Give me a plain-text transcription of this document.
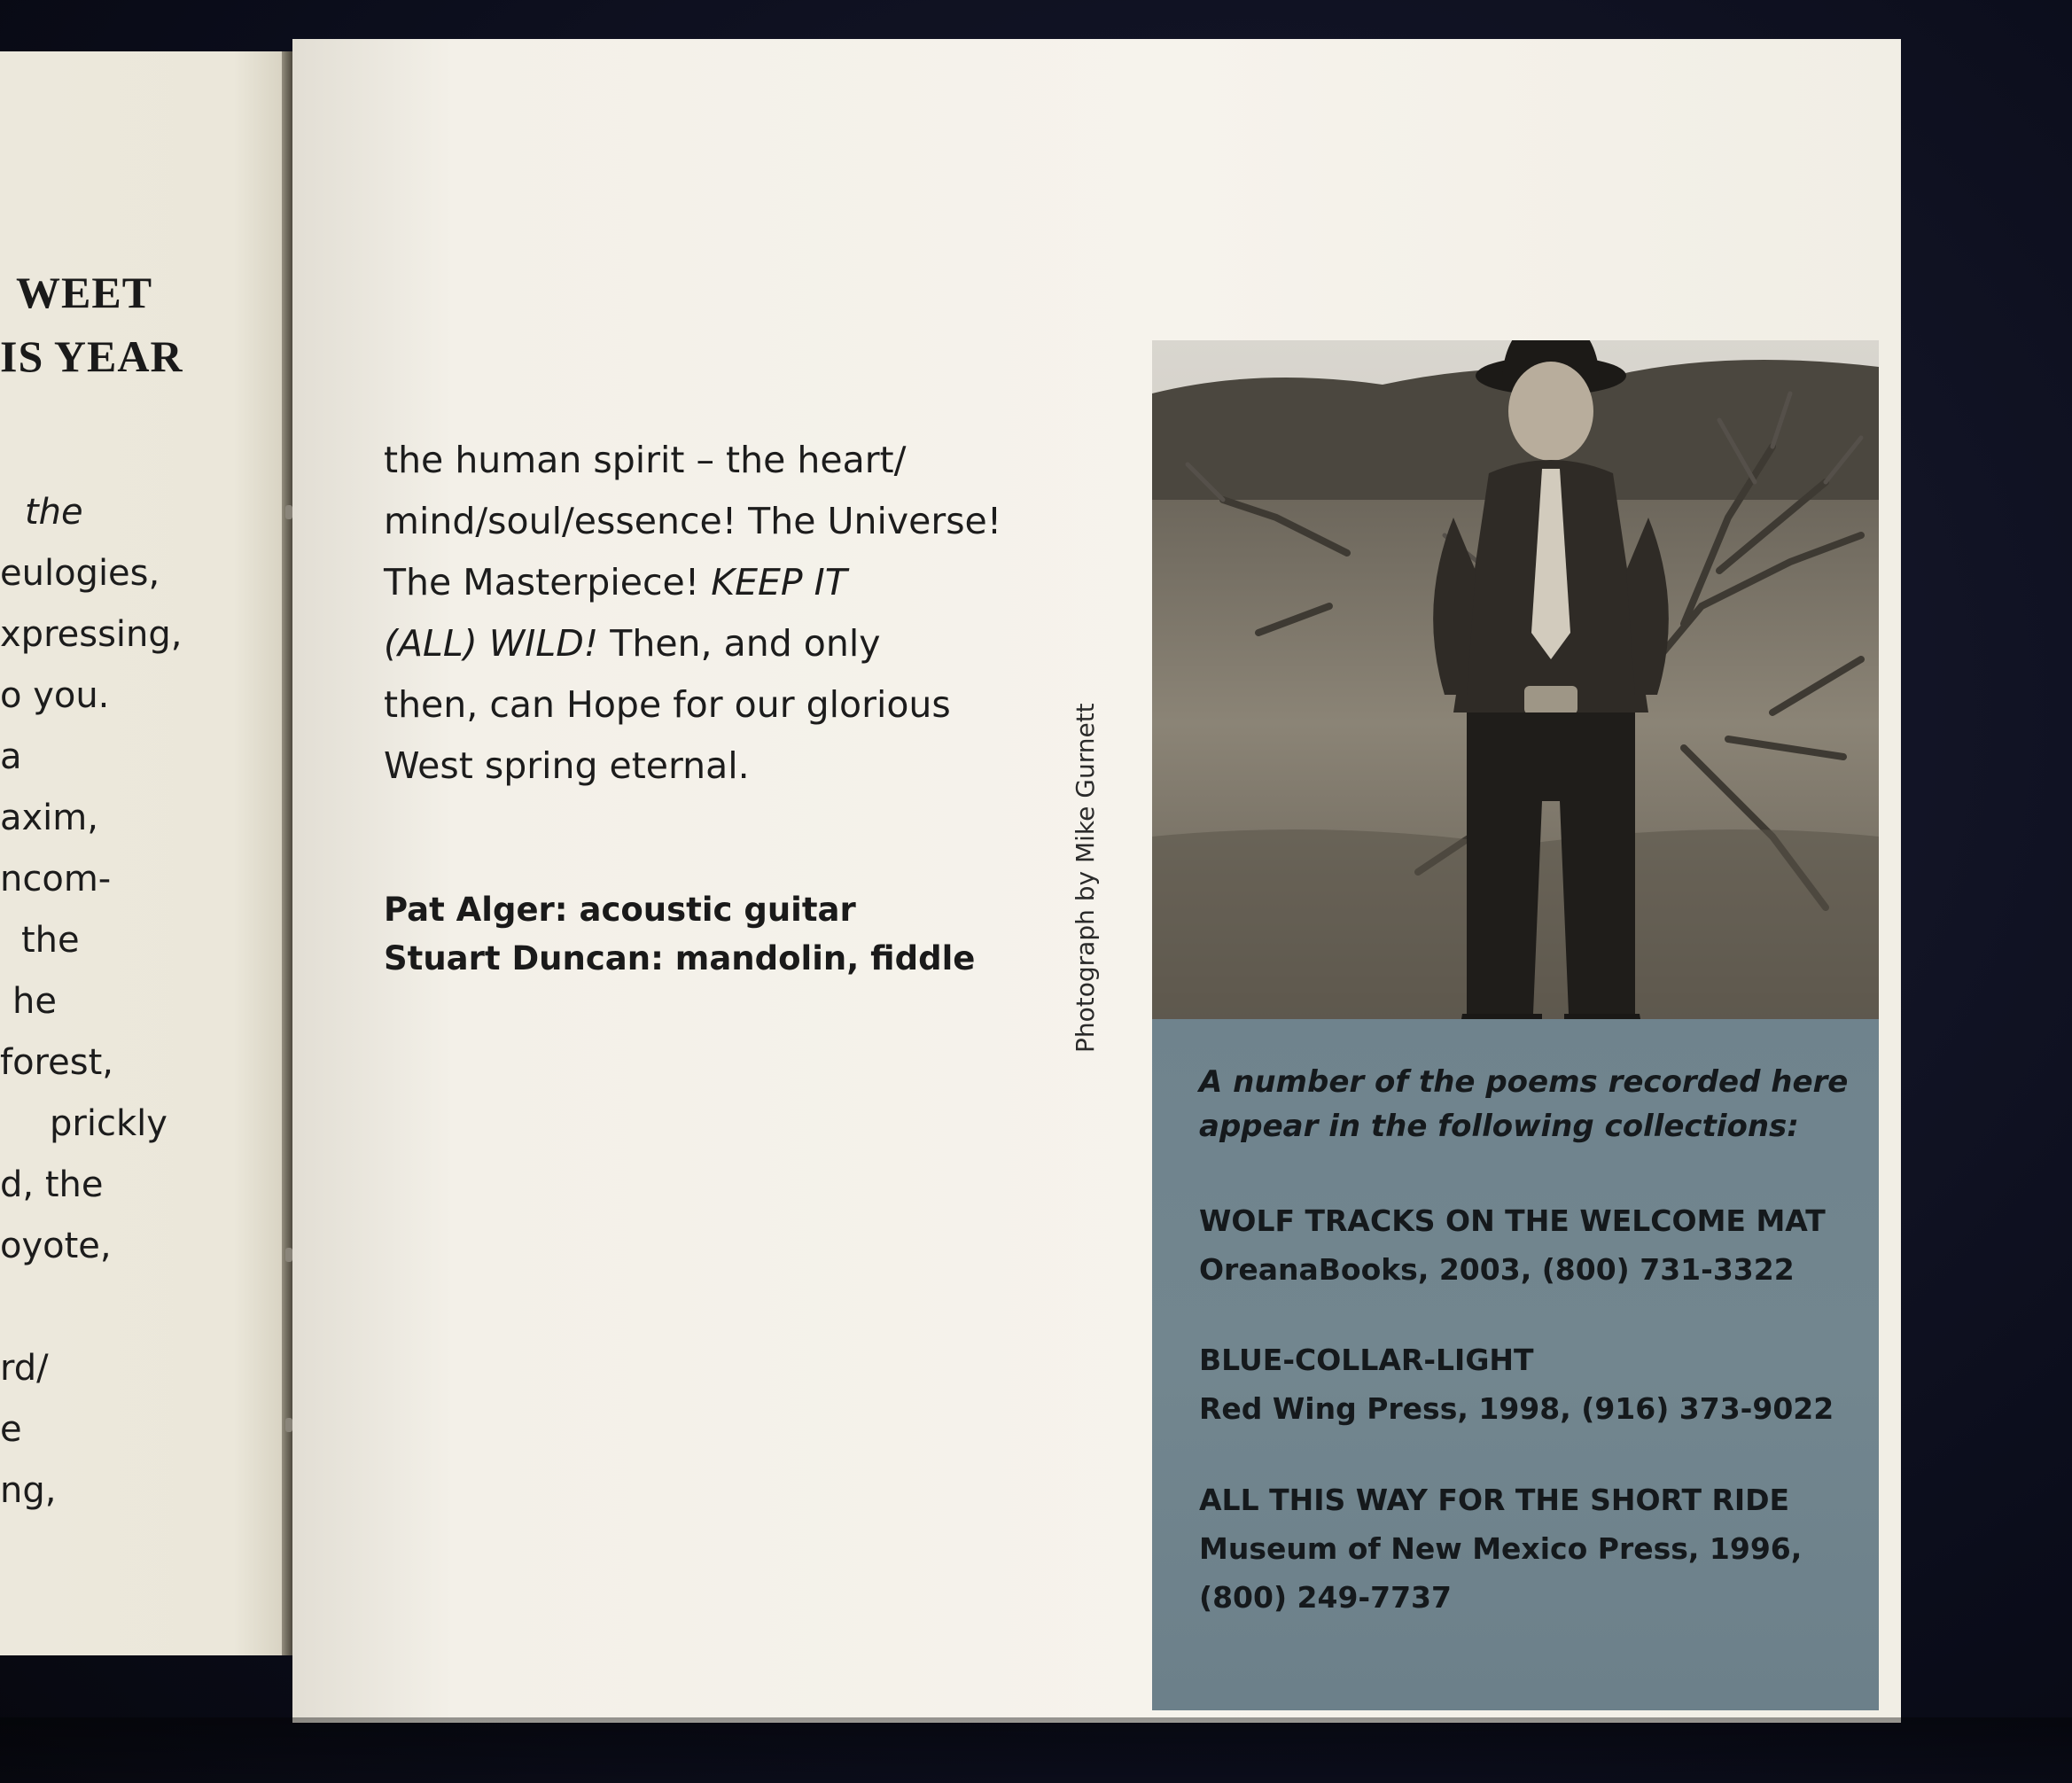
WEET
IS YEAR
the
eulogies,
xpressing,
o you.
a
axim,
ncom-
the
he
forest,
prickly
d, the
oyote,
rd/
e
ng,
the human spirit – the heart/
mind/soul/essence! The Universe!
The Masterpiece! KEEP IT
(ALL) WILD! Then, and only
then, can Hope for our glorious
West spring eternal.
Pat Alger: acoustic guitar
Stuart Duncan: mandolin, fiddle	Photograph by Mike Gurnett
A number of the poems recorded here
appear in the following collections:
WOLF TRACKS ON THE WELCOME MAT
OreanaBooks, 2003, (800) 731-3322
BLUE-COLLAR-LIGHT
Red Wing Press, 1998, (916) 373-9022
ALL THIS WAY FOR THE SHORT RIDE
Museum of New Mexico Press, 1996,
(800) 249-7737
